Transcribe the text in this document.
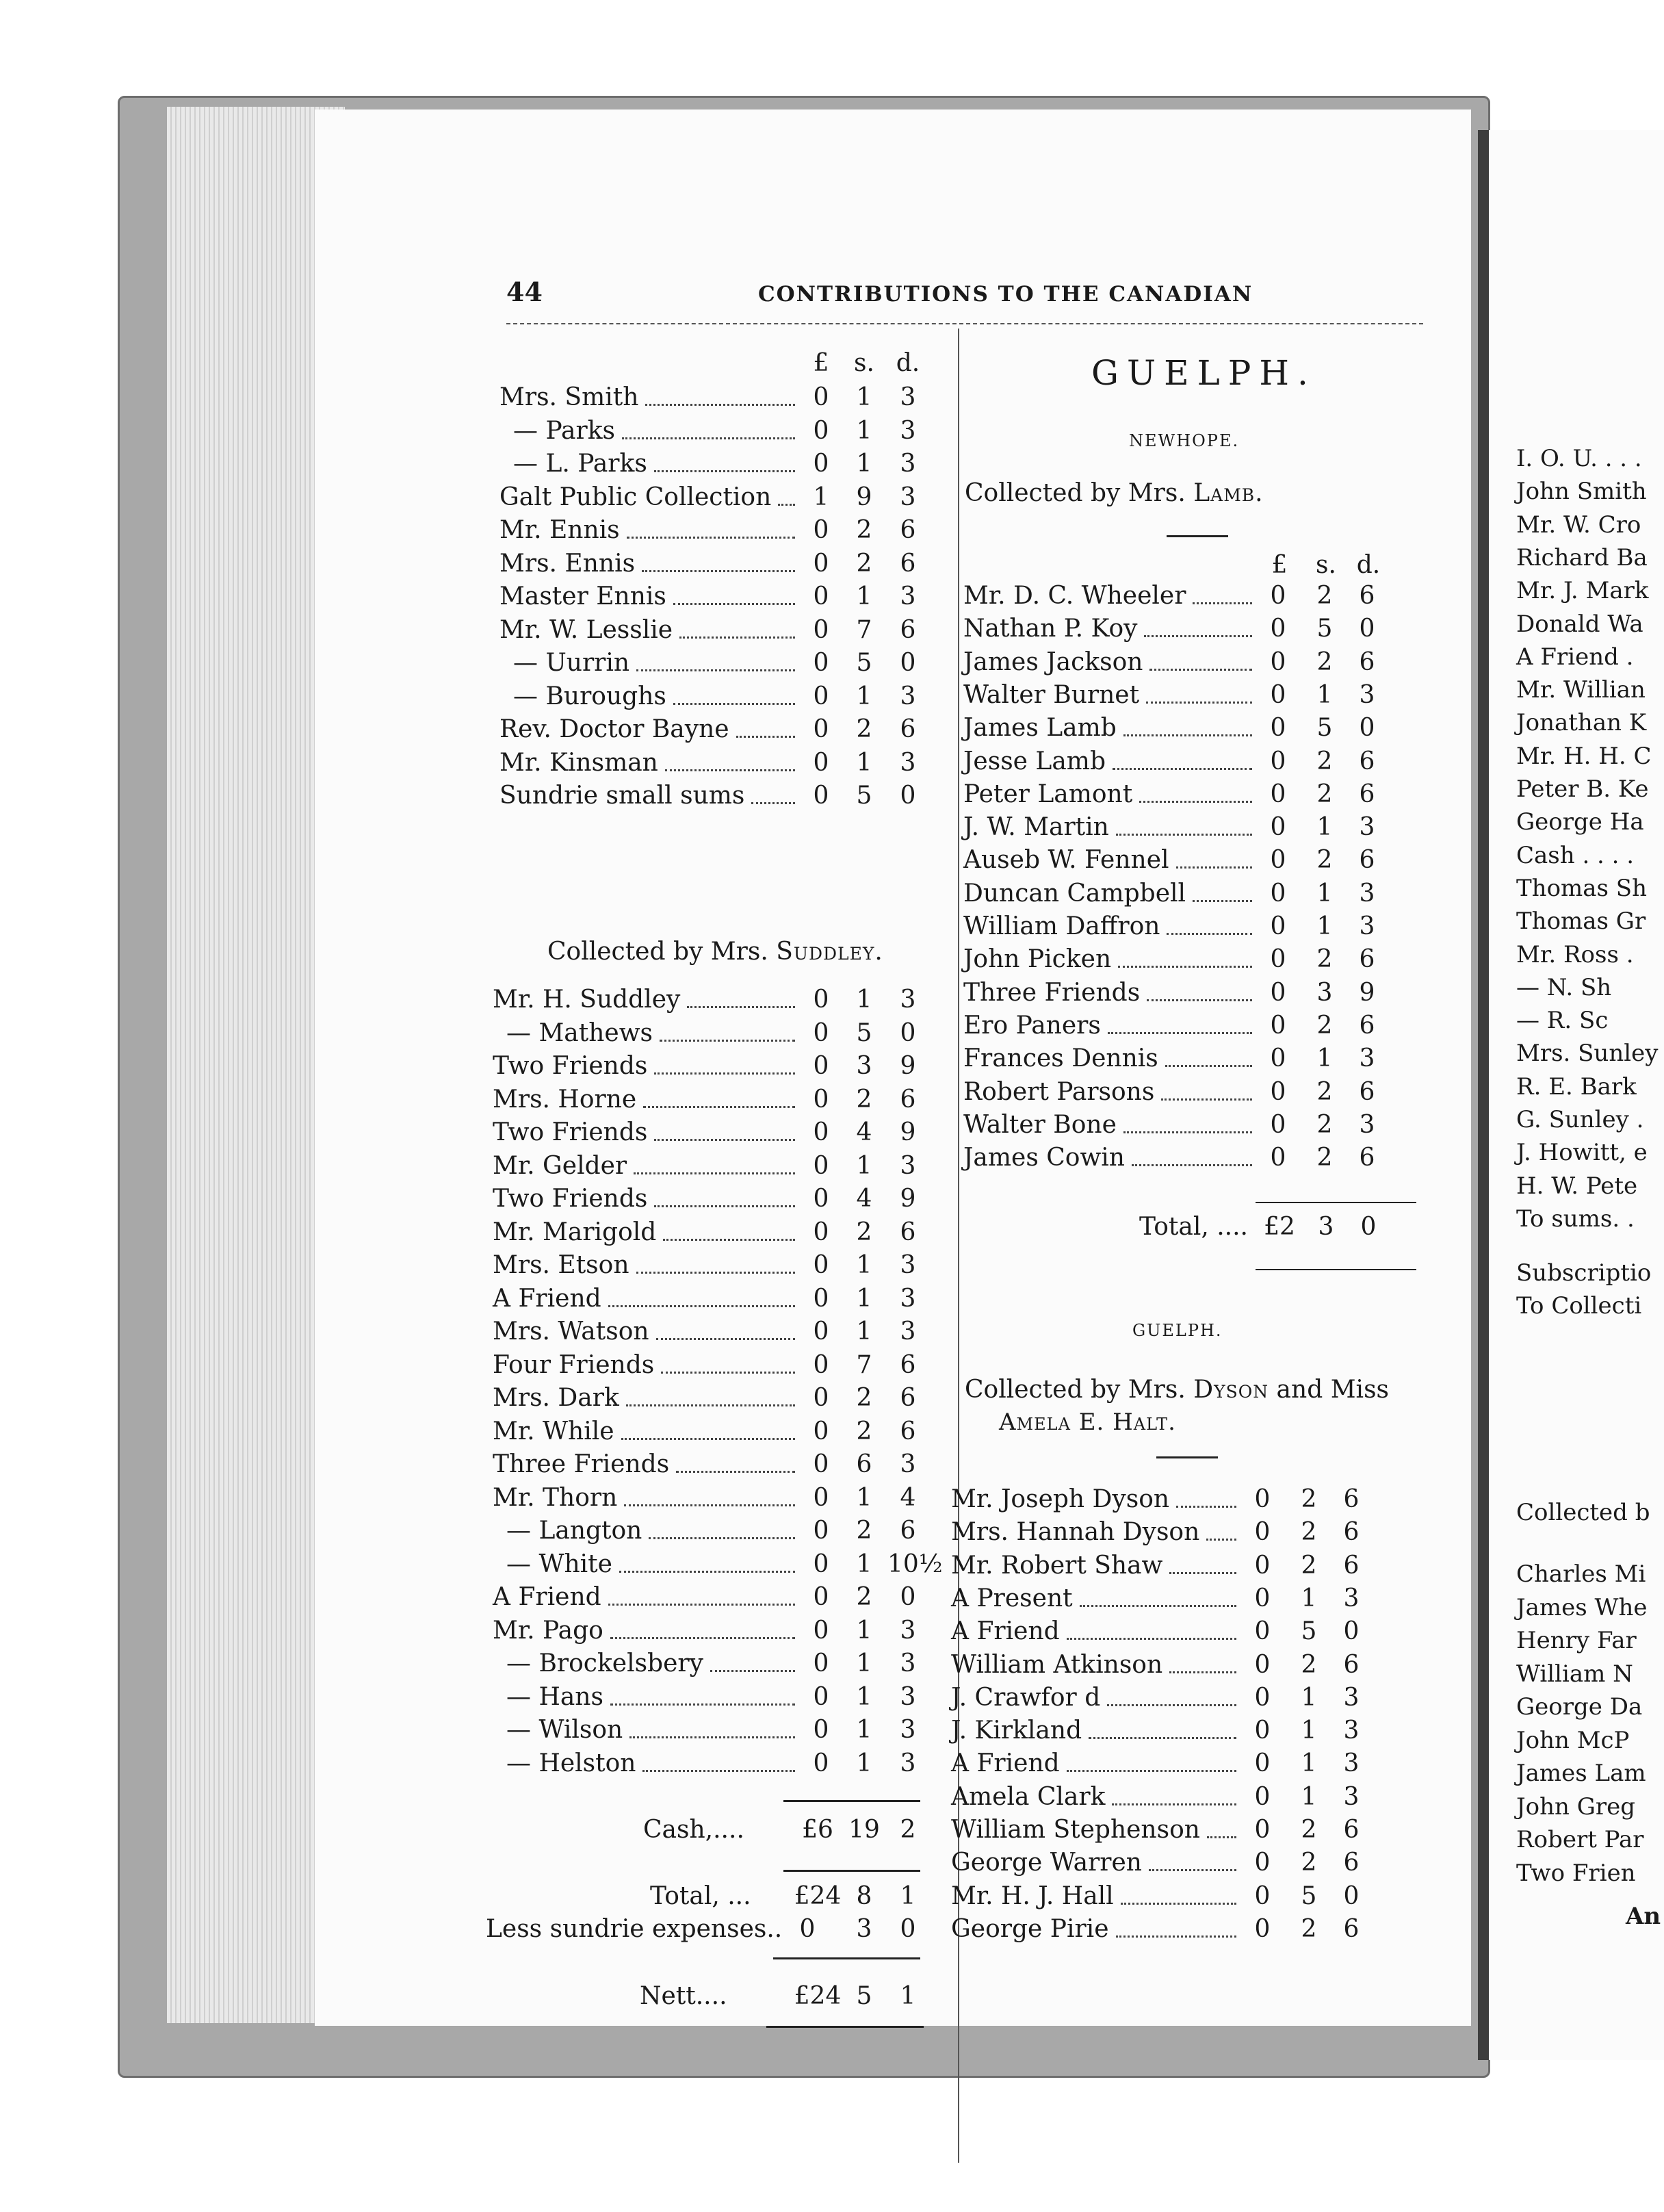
44	CONTRIBUTIONS TO THE CANADIAN
£	s. d.
Mrs. Smith	0	1	3
— Parks	0	1	3
— L. Parks	0	1	3
Galt Public Collection	1	9	3
Mr. Ennis	0	2	6
Mrs. Ennis	0	2	6
Master Ennis	0	1	3
Mr. W. Lesslie	0	7	6
— Uurrin	0	5	0
— Buroughs	0	1	3
Rev. Doctor Bayne	0	2	6
Mr. Kinsman	0	1	3
Sundrie small sums	0	5	0
Collected by Mrs. Suddley.
Mr. H. Suddley	0	1	3
— Mathews	0	5	0
Two Friends	0	3	9
Mrs. Horne	0	2	6
Two Friends	0	4	9
Mr. Gelder	0	1	3
Two Friends	0	4	9
Mr. Marigold	0	2	6
Mrs. Etson	0	1	3
A Friend	0	1	3
Mrs. Watson	0	1	3
Four Friends	0	7	6
Mrs. Dark	0	2	6
Mr. While	0	2	6
Three Friends	0	6	3
Mr. Thorn	0	1	4
— Langton	0	2	6
— White	0	1 10½
A Friend	0	2	0
Mr. Pago	0	1	3
— Brockelsbery	0	1	3
— Hans	0	1	3
— Wilson	0	1	3
— Helston	0	1	3
Cash,....	£6 19 2
Total, ... £24 8	1
Less sundrie expenses.. 0	3	0
Nett....	£24 5	1
GUELPH.
NEWHOPE.
Collected by Mrs. Lamb.
£	s. d.
Mr. D. C. Wheeler	0	2	6
Nathan P. Koy	0	5	0
James Jackson	0	2	6
Walter Burnet	0	1	3
James Lamb	0	5	0
Jesse Lamb	0	2	6
Peter Lamont	0	2	6
J. W. Martin	0	1	3
Auseb W. Fennel	0	2	6
Duncan Campbell	0	1	3
William Daffron	0	1	3
John Picken	0	2	6
Three Friends	0	3	9
Ero Paners	0	2	6
Frances Dennis	0	1	3
Robert Parsons	0	2	6
Walter Bone	0	2	3
James Cowin	0	2	6
Total, .... £2 3	0
GUELPH.
Collected by Mrs. Dyson and Miss
Amela E. Halt.
Mr. Joseph Dyson	0	2	6
Mrs. Hannah Dyson	0	2	6
Mr. Robert Shaw	0	2	6
A Present	0	1	3
A Friend	0	5	0
William Atkinson	0	2	6
J. Crawfor d	0	1	3
J. Kirkland	0	1	3
A Friend	0	1	3
Amela Clark	0	1	3
William Stephenson	0	2	6
George Warren	0	2	6
Mr. H. J. Hall	0	5	0
George Pirie	0	2	6
I. O. U. . . .
John Smith
Mr. W. Cro
Richard Ba
Mr. J. Mark
Donald Wa
A Friend .
Mr. Willian
Jonathan K
Mr. H. H. C
Peter B. Ke
George Ha
Cash . . . .
Thomas Sh
Thomas Gr
Mr. Ross .
— N. Sh
— R. Sc
Mrs. Sunley
R. E. Bark
G. Sunley .
J. Howitt, e
H. W. Pete
To sums. .
Subscriptio
To Collecti
Collected b
Charles Mi
James Whe
Henry Far
William N
George Da
John McP
James Lam
John Greg
Robert Par
Two Frien
An
